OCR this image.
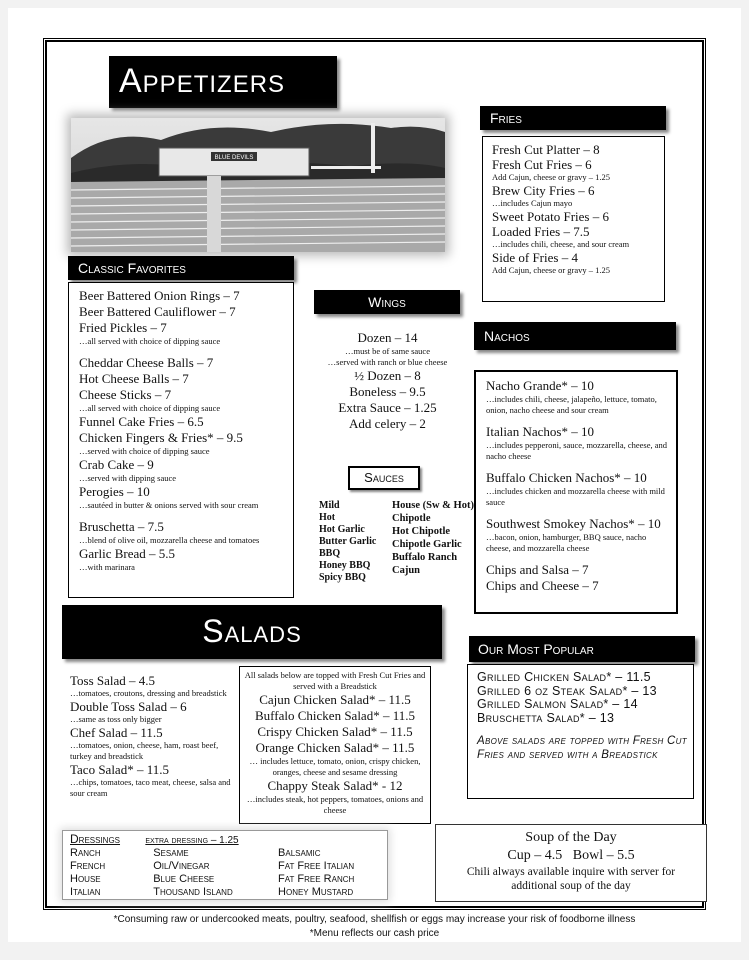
Appetizers
BLUE DEVILS
Classic Favorites
Beer Battered Onion Rings – 7
Beer Battered Cauliflower – 7
Fried Pickles – 7
…all served with choice of dipping sauce
Cheddar Cheese Balls – 7
Hot Cheese Balls – 7
Cheese Sticks – 7
…all served with choice of dipping sauce
Funnel Cake Fries – 6.5
Chicken Fingers & Fries* – 9.5
…served with choice of dipping sauce
Crab Cake – 9
…served with dipping sauce
Perogies – 10
…sautéed in butter & onions served with sour cream
Bruschetta – 7.5
…blend of olive oil, mozzarella cheese and tomatoes
Garlic Bread – 5.5
…with marinara
Wings
Dozen – 14
…must be of same sauce
…served with ranch or blue cheese
½ Dozen – 8
Boneless – 9.5
Extra Sauce – 1.25
Add celery – 2
Sauces
Mild
Hot
Hot Garlic
Butter Garlic
BBQ
Honey BBQ
Spicy BBQ
House (Sw & Hot)
Chipotle
Hot Chipotle
Chipotle Garlic
Buffalo Ranch
Cajun
Fries
Fresh Cut Platter – 8
Fresh Cut Fries – 6
Add Cajun, cheese or gravy – 1.25
Brew City Fries – 6
…includes Cajun mayo
Sweet Potato Fries – 6
Loaded Fries – 7.5
…includes chili, cheese, and sour cream
Side of Fries – 4
Add Cajun, cheese or gravy – 1.25
Nachos
Nacho Grande* – 10
…includes chili, cheese, jalapeño, lettuce, tomato, onion, nacho cheese and sour cream
Italian Nachos* – 10
…includes pepperoni, sauce, mozzarella, cheese, and nacho cheese
Buffalo Chicken Nachos* – 10
…includes chicken and mozzarella cheese with mild sauce
Southwest Smokey Nachos* – 10
…bacon, onion, hamburger, BBQ sauce, nacho cheese, and mozzarella cheese
Chips and Salsa – 7
Chips and Cheese – 7
Salads
Toss Salad – 4.5
…tomatoes, croutons, dressing and breadstick
Double Toss Salad – 6
…same as toss only bigger
Chef Salad – 11.5
…tomatoes, onion, cheese, ham, roast beef, turkey and breadstick
Taco Salad* – 11.5
…chips, tomatoes, taco meat, cheese, salsa and sour cream
All salads below are topped with Fresh Cut Fries and served with a Breadstick
Cajun Chicken Salad* – 11.5
Buffalo Chicken Salad* – 11.5
Crispy Chicken Salad* – 11.5
Orange Chicken Salad* – 11.5
… includes lettuce, tomato, onion, crispy chicken, oranges, cheese and sesame dressing
Chappy Steak Salad* - 12
…includes steak, hot peppers, tomatoes, onions and cheese
Our Most Popular
Grilled Chicken Salad* – 11.5
Grilled 6 oz Steak Salad* – 13
Grilled Salmon Salad* – 14
Bruschetta Salad* – 13
Above salads are topped with Fresh Cut Fries and served with a Breadstick
Dressings	extra dressing – 1.25
Ranch
French
House
Italian
Sesame
Oil/Vinegar
Blue Cheese
Thousand Island
Balsamic
Fat Free Italian
Fat Free Ranch
Honey Mustard
Soup of the Day
Cup – 4.5   Bowl – 5.5
Chili always available inquire with server for additional soup of the day
*Consuming raw or undercooked meats, poultry, seafood, shellfish or eggs may increase your risk of foodborne illness
*Menu reflects our cash price
